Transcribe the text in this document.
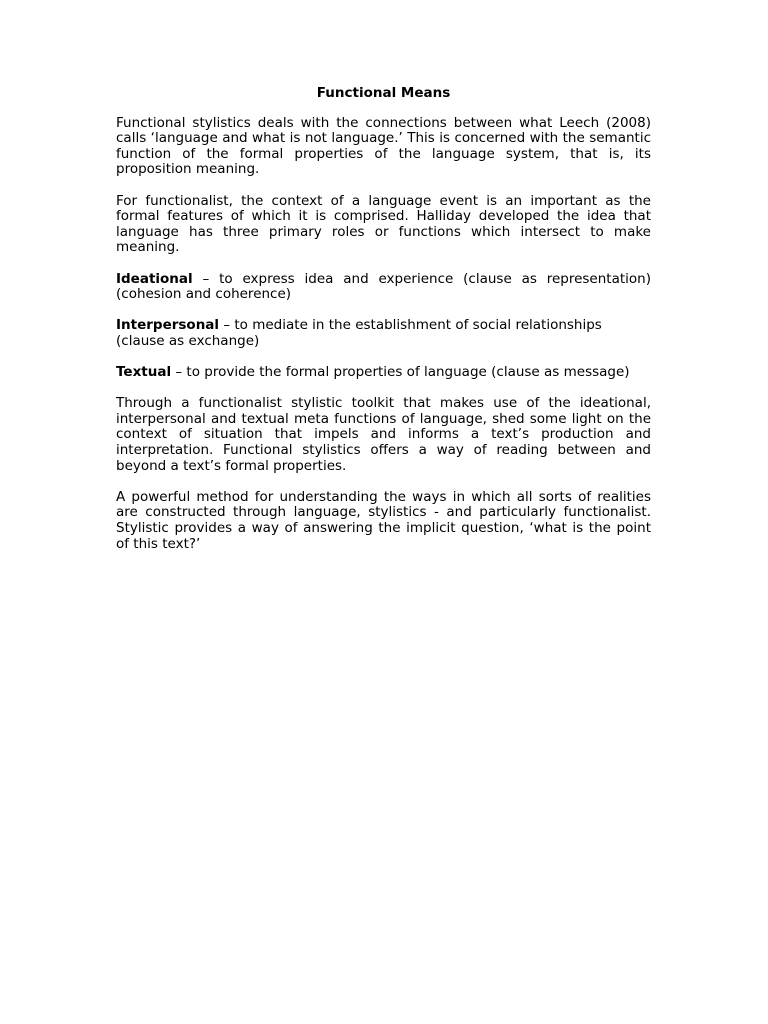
Functional Means

Functional stylistics deals with the connections between what Leech (2008) calls ‘language and what is not language.’ This is concerned with the semantic function of the formal properties of the language system, that is, its proposition meaning.

For functionalist, the context of a language event is an important as the formal features of which it is comprised. Halliday developed the idea that language has three primary roles or functions which intersect to make meaning.

Ideational – to express idea and experience (clause as representation) (cohesion and coherence)

Interpersonal – to mediate in the establishment of social relationships (clause as exchange)

Textual – to provide the formal properties of language (clause as message)

Through a functionalist stylistic toolkit that makes use of the ideational, interpersonal and textual meta functions of language, shed some light on the context of situation that impels and informs a text’s production and interpretation. Functional stylistics offers a way of reading between and beyond a text’s formal properties.

A powerful method for understanding the ways in which all sorts of realities are constructed through language, stylistics - and particularly functionalist. Stylistic provides a way of answering the implicit question, ‘what is the point of this text?’
